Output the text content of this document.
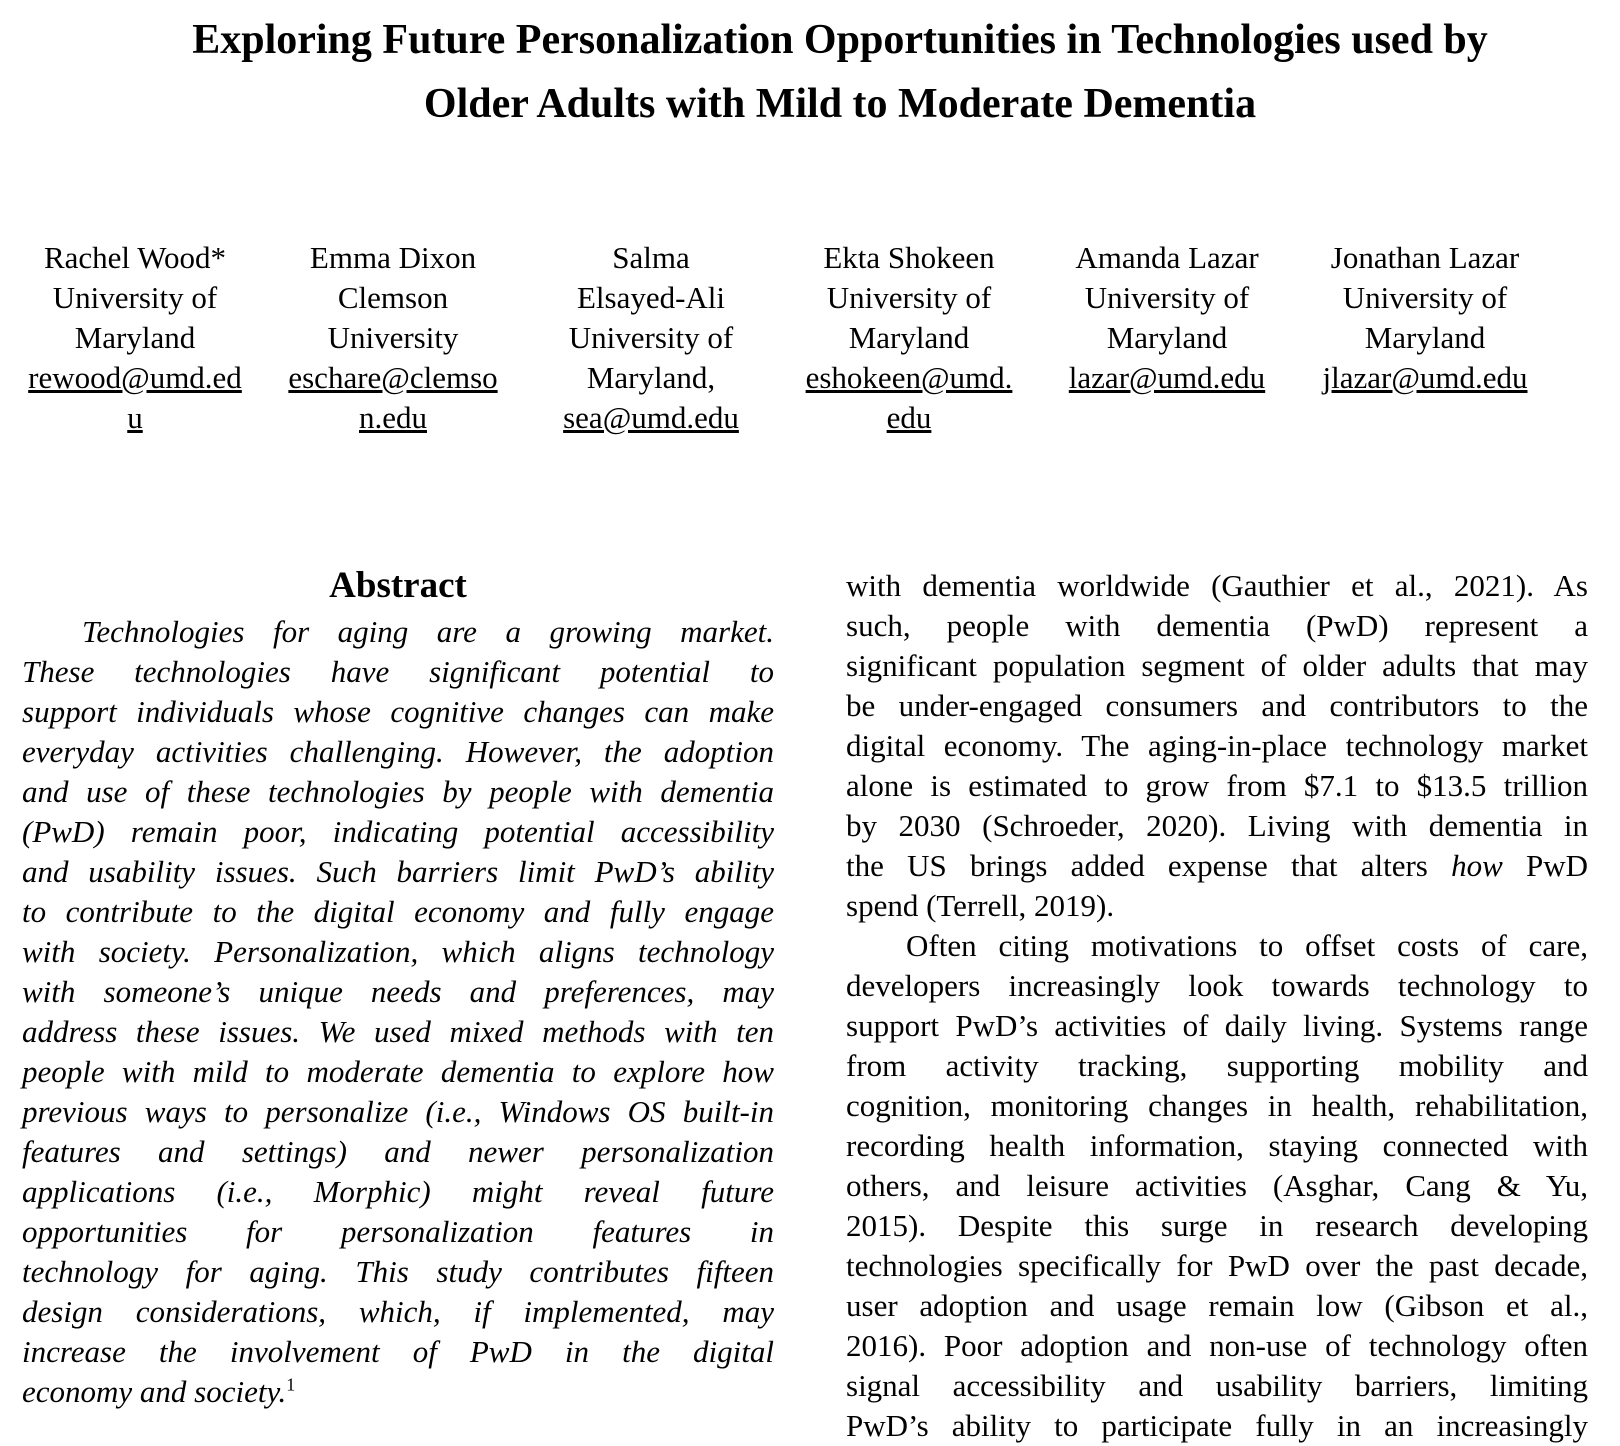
Exploring Future Personalization Opportunities in Technologies used by
Older Adults with Mild to Moderate Dementia
Rachel Wood*
University of
Maryland
rewood@umd.ed
u
Emma Dixon
Clemson
University
eschare@clemso
n.edu
Salma
Elsayed-Ali
University of
Maryland,
sea@umd.edu
Ekta Shokeen
University of
Maryland
eshokeen@umd.
edu
Amanda Lazar
University of
Maryland
lazar@umd.edu
Jonathan Lazar
University of
Maryland
jlazar@umd.edu
Abstract
Technologies for aging are a growing market.
These technologies have significant potential to
support individuals whose cognitive changes can make
everyday activities challenging. However, the adoption
and use of these technologies by people with dementia
(PwD) remain poor, indicating potential accessibility
and usability issues. Such barriers limit PwD’s ability
to contribute to the digital economy and fully engage
with society. Personalization, which aligns technology
with someone’s unique needs and preferences, may
address these issues. We used mixed methods with ten
people with mild to moderate dementia to explore how
previous ways to personalize (i.e., Windows OS built-in
features and settings) and newer personalization
applications (i.e., Morphic) might reveal future
opportunities for personalization features in
technology for aging. This study contributes fifteen
design considerations, which, if implemented, may
increase the involvement of PwD in the digital
economy and society.$^1$
with dementia worldwide (Gauthier et al., 2021). As
such, people with dementia (PwD) represent a
significant population segment of older adults that may
be under-engaged consumers and contributors to the
digital economy. The aging-in-place technology market
alone is estimated to grow from $7.1 to $13.5 trillion
by 2030 (Schroeder, 2020). Living with dementia in
the US brings added expense that alters how PwD
spend (Terrell, 2019).
Often citing motivations to offset costs of care,
developers increasingly look towards technology to
support PwD’s activities of daily living. Systems range
from activity tracking, supporting mobility and
cognition, monitoring changes in health, rehabilitation,
recording health information, staying connected with
others, and leisure activities (Asghar, Cang & Yu,
2015). Despite this surge in research developing
technologies specifically for PwD over the past decade,
user adoption and usage remain low (Gibson et al.,
2016). Poor adoption and non-use of technology often
signal accessibility and usability barriers, limiting
PwD’s ability to participate fully in an increasingly
